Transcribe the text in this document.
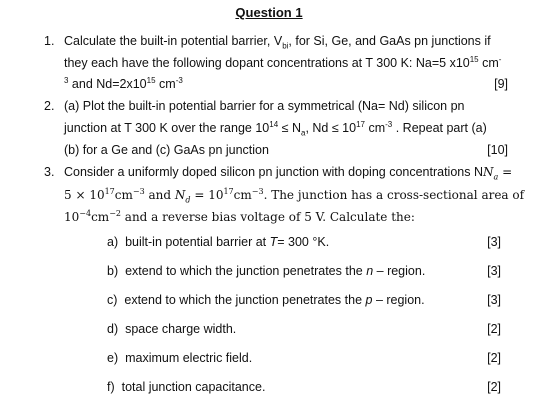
Question 1
1. Calculate the built-in potential barrier, $V_{bi}$, for Si, Ge, and GaAs pn junctions if
they each have the following dopant concentrations at T 300 K: Na=5 $x10^{15}$ cm-
$^3$ and $Nd=2x10^{15}$ $cm^{-3}$	[9]
2. (a) Plot the built-in potential barrier for a symmetrical (Na= Nd) silicon pn
junction at T 300 K over the range $10^{14} \le N_a$, $Nd \le 10^{17}$ $cm^{-3}$ . Repeat part (a)
(b) for a Ge and (c) GaAs pn junction	[10]
3. Consider a uniformly doped silicon pn junction with doping concentrations $NN_a$ =
$5 \times 10^{17}cm^{-3}$ and $N_d = 10^{17}cm^{-3}$. The junction has a cross-sectional area of
$10^{-4}cm^{-2}$ and a reverse bias voltage of 5 V. Calculate the:
a) built-in potential barrier at T= 300 °K.	[3]
b) extend to which the junction penetrates the n – region.	[3]
c) extend to which the junction penetrates the p – region.	[3]
d) space charge width.	[2]
e) maximum electric field.	[2]
f) total junction capacitance.	[2]
